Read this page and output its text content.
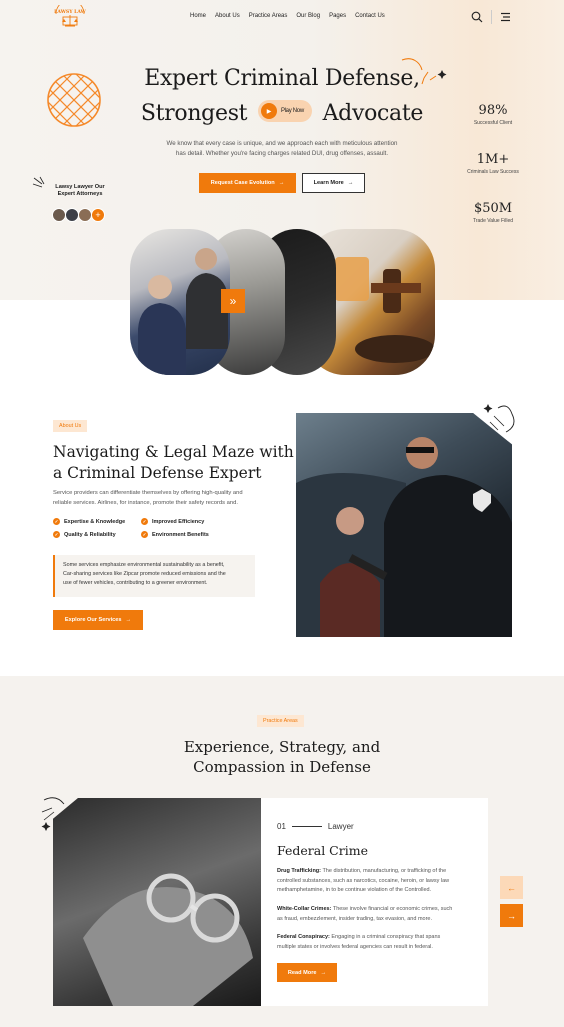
LAWSY LAW
Home About Us Practice Areas Our Blog Pages Contact Us
Expert Criminal Defense,
Strongest	▶	Play Now Advocate
We know that every case is unique, and we approach each with meticulous attention
has detail. Whether you're facing charges related DUI, drug offenses, assault.
Request Case Evolution →	Learn More →
98%
Successful Client
1M+
Criminals Law Success
$50M
Trade Value Filled
Lawsy Lawyer Our
Expert Attorneys
+
»
About Us
Navigating & Legal Maze with
a Criminal Defense Expert
Service providers can differentiate themselves by offering high-quality and
reliable services. Airlines, for instance, promote their safety records and.
✓ Expertise & Knowledge	✓ Improved Efficiency
✓ Quality & Reliability	✓ Environment Benefits
Some services emphasize environmental sustainability as a benefit,
Car-sharing services like Zipcar promote reduced emissions and the
use of fewer vehicles, contributing to a greener environment.
Explore Our Services →
Practice Areas
Experience, Strategy, and
Compassion in Defense
01	Lawyer
Federal Crime
Drug Trafficking: The distribution, manufacturing, or trafficking of the
controlled substances, such as narcotics, cocaine, heroin, or lawsy law
methamphetamine, in to be continue violation of the Controlled.
White-Collar Crimes: These involve financial or economic crimes, such
as fraud, embezzlement, insider trading, tax evasion, and more.
Federal Conspiracy: Engaging in a criminal conspiracy that spans
multiple states or involves federal agencies can result in federal.
Read More →
←
→
